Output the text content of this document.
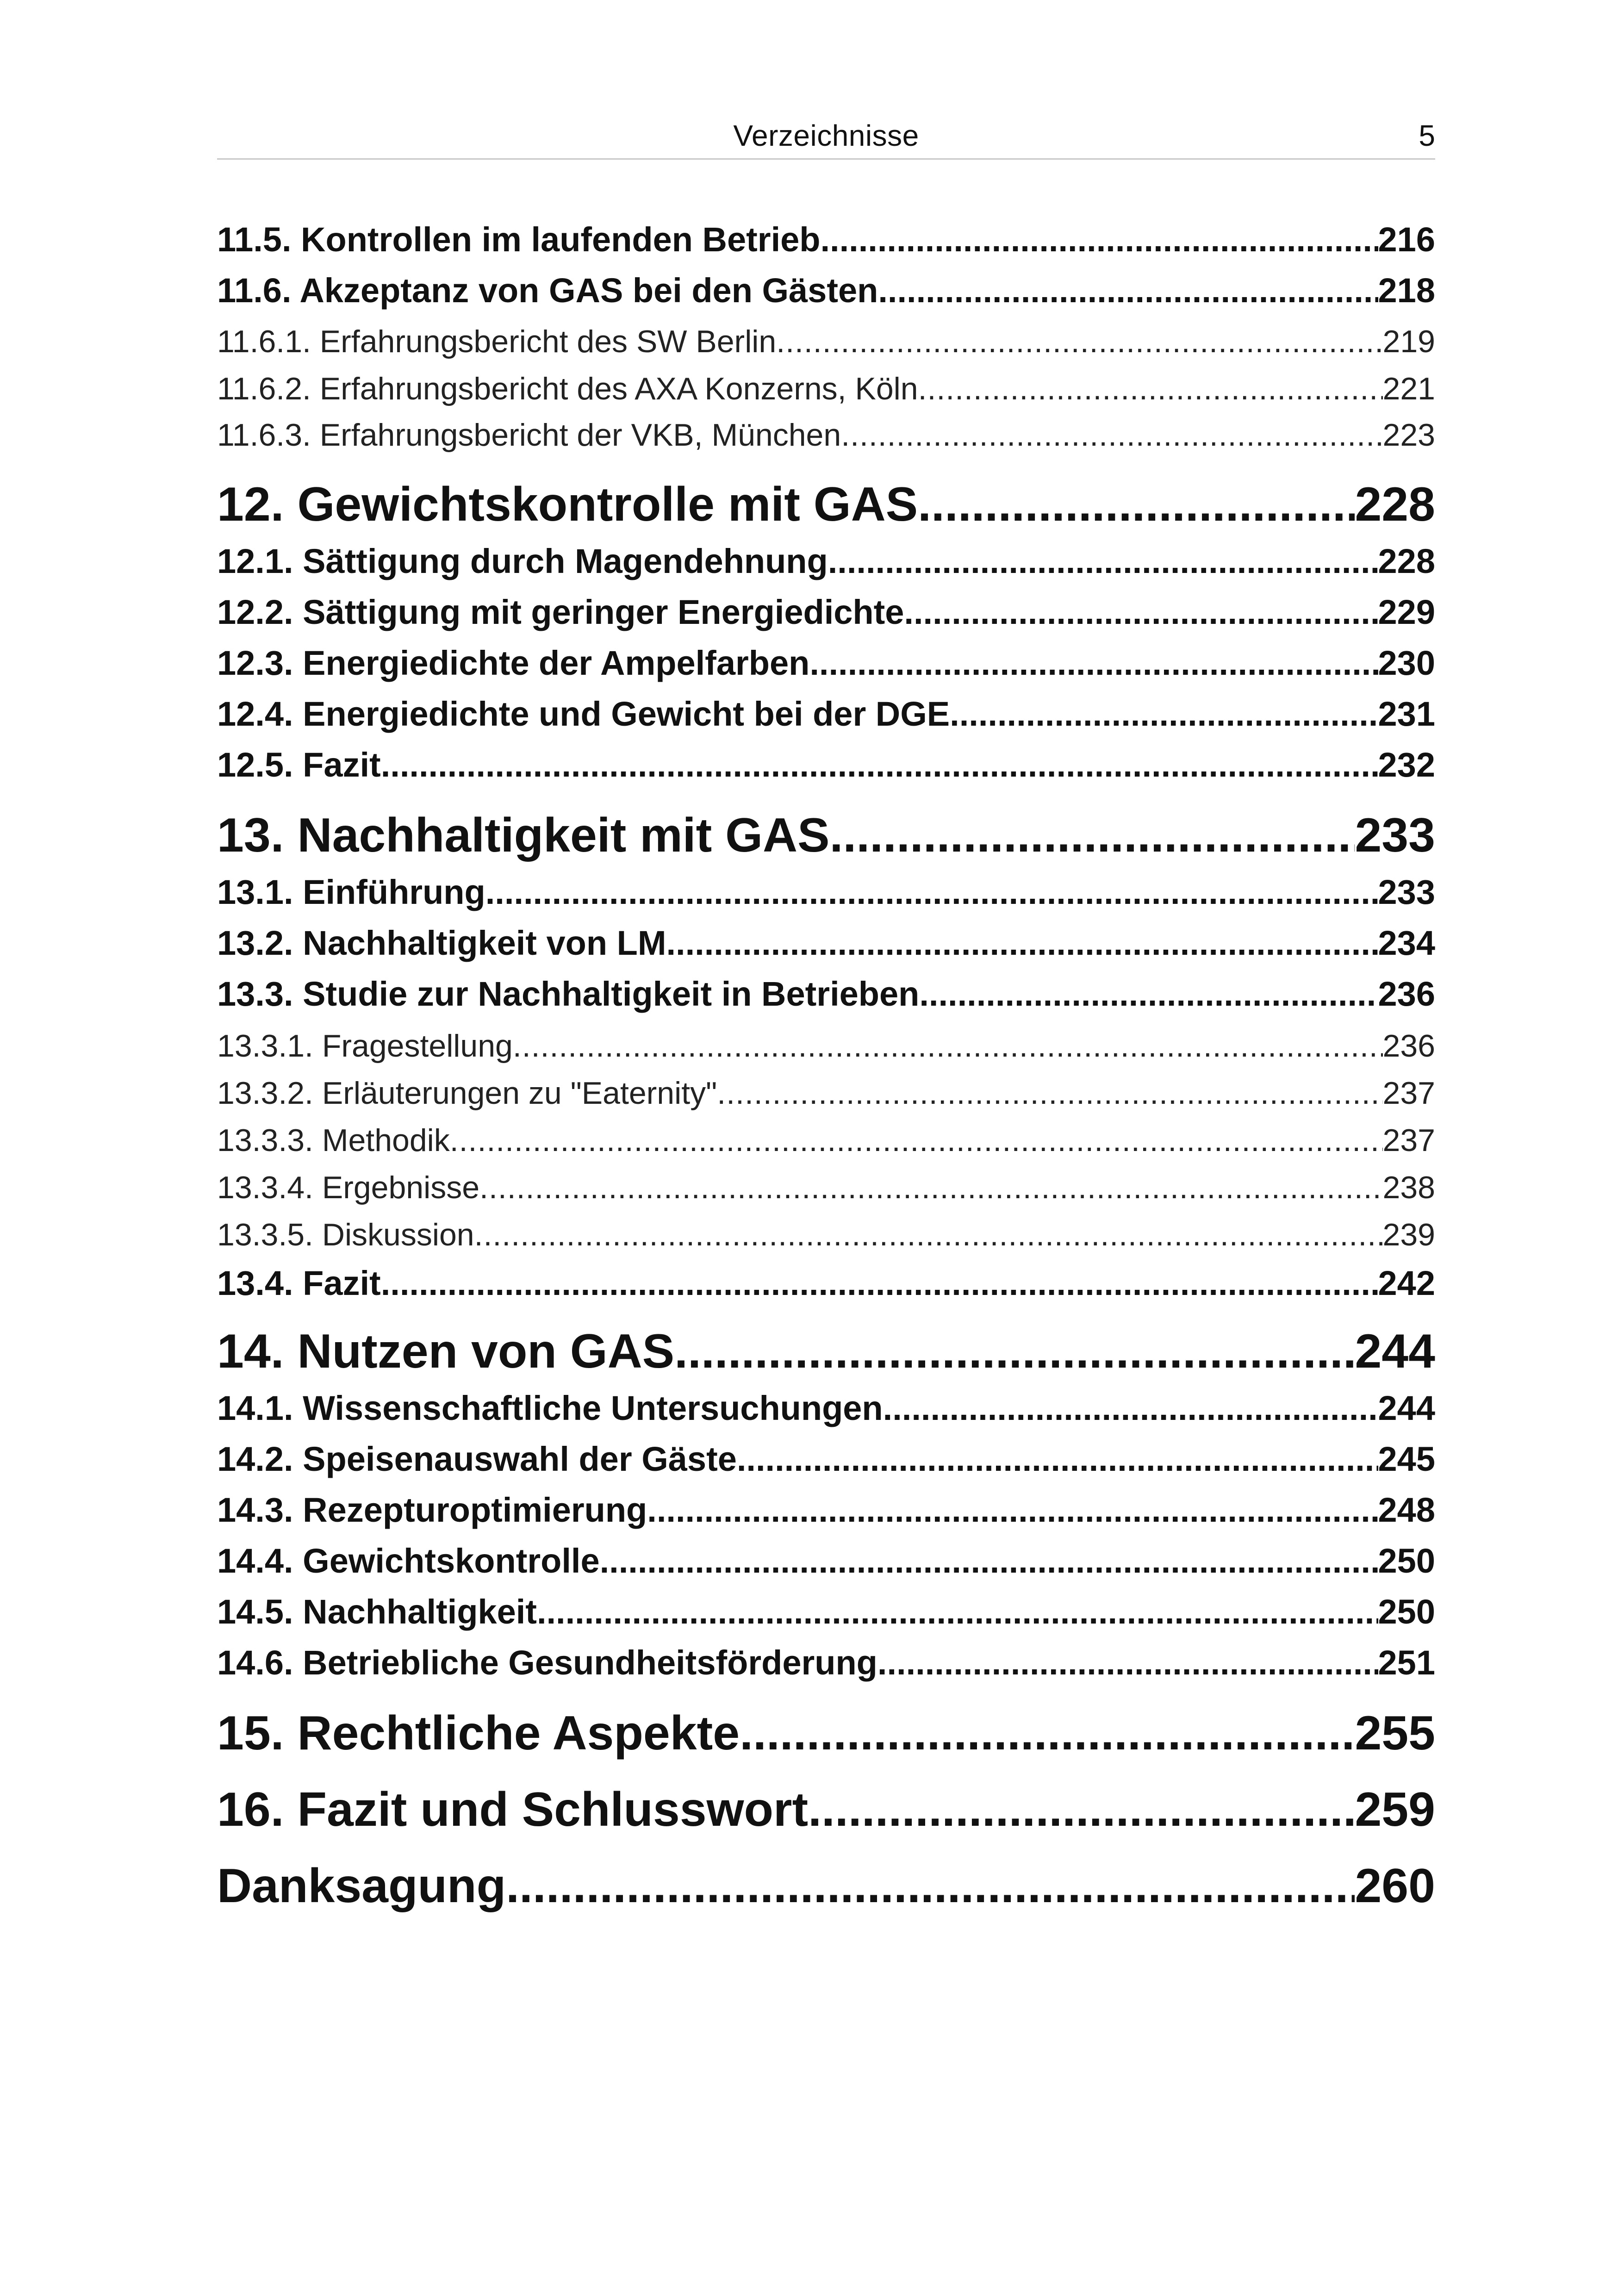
Verzeichnisse	5
11.5. Kontrollen im laufenden Betrieb .....	216
11.6. Akzeptanz von GAS bei den Gästen .....	218
11.6.1. Erfahrungsbericht des SW Berlin .....	219
11.6.2. Erfahrungsbericht des AXA Konzerns, Köln .....	221
11.6.3. Erfahrungsbericht der VKB, München .....	223
12. Gewichtskontrolle mit GAS .....	228
12.1. Sättigung durch Magendehnung .....	228
12.2. Sättigung mit geringer Energiedichte .....	229
12.3. Energiedichte der Ampelfarben .....	230
12.4. Energiedichte und Gewicht bei der DGE .....	231
12.5. Fazit .....	232
13. Nachhaltigkeit mit GAS .....	233
13.1. Einführung .....	233
13.2. Nachhaltigkeit von LM .....	234
13.3. Studie zur Nachhaltigkeit in Betrieben .....	236
13.3.1. Fragestellung .....	236
13.3.2. Erläuterungen zu "Eaternity" .....	237
13.3.3. Methodik .....	237
13.3.4. Ergebnisse .....	238
13.3.5. Diskussion .....	239
13.4. Fazit .....	242
14. Nutzen von GAS .....	244
14.1. Wissenschaftliche Untersuchungen .....	244
14.2. Speisenauswahl der Gäste .....	245
14.3. Rezepturoptimierung .....	248
14.4. Gewichtskontrolle .....	250
14.5. Nachhaltigkeit .....	250
14.6. Betriebliche Gesundheitsförderung .....	251
15. Rechtliche Aspekte .....	255
16. Fazit und Schlusswort .....	259
Danksagung .....	260
